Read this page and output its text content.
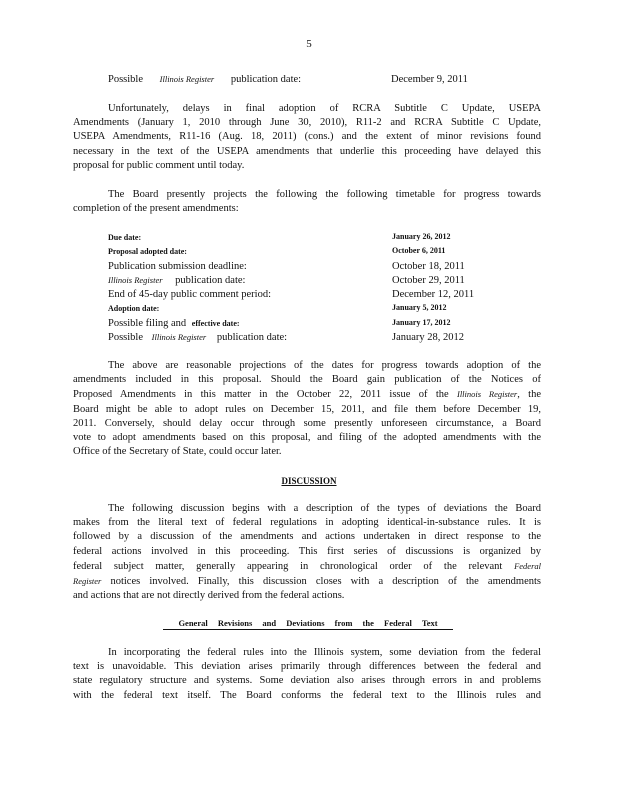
5
Possible Illinois Register publication date:	December 9, 2011
Unfortunately, delays in final adoption of RCRA Subtitle C Update, USEPA
Amendments (January 1, 2010 through June 30, 2010), R11-2 and RCRA Subtitle C Update,
USEPA Amendments, R11-16 (Aug. 18, 2011) (cons.) and the extent of minor revisions found
necessary in the text of the USEPA amendments that underlie this proceeding have delayed this
proposal for public comment until today.
The Board presently projects the following the following timetable for progress towards
completion of the present amendments:
Due date:	January 26, 2012
Proposal adopted date:	October 6, 2011
Publication submission deadline:	October 18, 2011
Illinois Register publication date:	October 29, 2011
End of 45-day public comment period:	December 12, 2011
Adoption date:	January 5, 2012
Possible filing and effective date:	January 17, 2012
Possible Illinois Register publication date:	January 28, 2012
The above are reasonable projections of the dates for progress towards adoption of the
amendments included in this proposal. Should the Board gain publication of the Notices of
Proposed Amendments in this matter in the October 22, 2011 issue of the Illinois Register, the
Board might be able to adopt rules on December 15, 2011, and file them before December 19,
2011. Conversely, should delay occur through some presently unforeseen circumstance, a Board
vote to adopt amendments based on this proposal, and filing of the adopted amendments with the
Office of the Secretary of State, could occur later.
DISCUSSION
The following discussion begins with a description of the types of deviations the Board
makes from the literal text of federal regulations in adopting identical-in-substance rules. It is
followed by a discussion of the amendments and actions undertaken in direct response to the
federal actions involved in this proceeding. This first series of discussions is organized by
federal subject matter, generally appearing in chronological order of the relevant Federal
Register notices involved. Finally, this discussion closes with a description of the amendments
and actions that are not directly derived from the federal actions.
General Revisions and Deviations from the Federal Text
In incorporating the federal rules into the Illinois system, some deviation from the federal
text is unavoidable. This deviation arises primarily through differences between the federal and
state regulatory structure and systems. Some deviation also arises through errors in and problems
with the federal text itself. The Board conforms the federal text to the Illinois rules and
